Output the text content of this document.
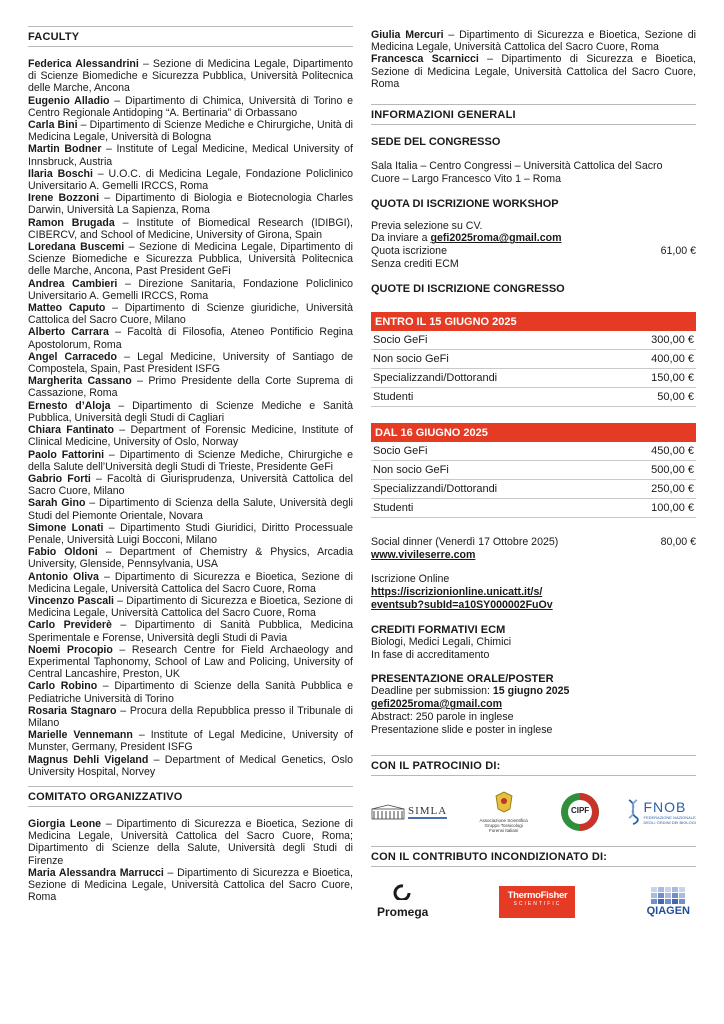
FACULTY
Federica Alessandrini – Sezione di Medicina Legale, Dipartimento di Scienze Biomediche e Sicurezza Pubblica, Università Politecnica delle Marche, Ancona
Eugenio Alladio – Dipartimento di Chimica, Università di Torino e Centro Regionale Antidoping “A. Bertinaria” di Orbassano
Carla Bini – Dipartimento di Scienze Mediche e Chirurgiche, Unità di Medicina Legale, Università di Bologna
Martin Bodner – Institute of Legal Medicine, Medical University of Innsbruck, Austria
Ilaria Boschi – U.O.C. di Medicina Legale, Fondazione Policlinico Universitario A. Gemelli IRCCS, Roma
Irene Bozzoni – Dipartimento di Biologia e Biotecnologia Charles Darwin, Università La Sapienza, Roma
Ramon Brugada – Institute of Biomedical Research (IDIBGI), CIBERCV, and School of Medicine, University of Girona, Spain
Loredana Buscemi – Sezione di Medicina Legale, Dipartimento di Scienze Biomediche e Sicurezza Pubblica, Università Politecnica delle Marche, Ancona, Past President GeFi
Andrea Cambieri – Direzione Sanitaria, Fondazione Policlinico Universitario A. Gemelli IRCCS, Roma
Matteo Caputo – Dipartimento di Scienze giuridiche, Università Cattolica del Sacro Cuore, Milano
Alberto Carrara – Facoltà di Filosofia, Ateneo Pontificio Regina Apostolorum, Roma
Angel Carracedo – Legal Medicine, University of Santiago de Compostela, Spain, Past President ISFG
Margherita Cassano – Primo Presidente della Corte Suprema di Cassazione, Roma
Ernesto d’Aloja – Dipartimento di Scienze Mediche e Sanità Pubblica, Università degli Studi di Cagliari
Chiara Fantinato – Department of Forensic Medicine, Institute of Clinical Medicine, University of Oslo, Norway
Paolo Fattorini – Dipartimento di Scienze Mediche, Chirurgiche e della Salute dell’Università degli Studi di Trieste, Presidente GeFi
Gabrio Forti – Facoltà di Giurisprudenza, Università Cattolica del Sacro Cuore, Milano
Sarah Gino – Dipartimento di Scienza della Salute, Università degli Studi del Piemonte Orientale, Novara
Simone Lonati – Dipartimento Studi Giuridici, Diritto Processuale Penale, Università Luigi Bocconi, Milano
Fabio Oldoni – Department of Chemistry & Physics, Arcadia University, Glenside, Pennsylvania, USA
Antonio Oliva – Dipartimento di Sicurezza e Bioetica, Sezione di Medicina Legale, Università Cattolica del Sacro Cuore, Roma
Vincenzo Pascali – Dipartimento di Sicurezza e Bioetica, Sezione di Medicina Legale, Università Cattolica del Sacro Cuore, Roma
Carlo Previderè – Dipartimento di Sanità Pubblica, Medicina Sperimentale e Forense, Università degli Studi di Pavia
Noemi Procopio – Research Centre for Field Archaeology and Experimental Taphonomy, School of Law and Policing, University of Central Lancashire, Preston, UK
Carlo Robino – Dipartimento di Scienze della Sanità Pubblica e Pediatriche Università di Torino
Rosaria Stagnaro – Procura della Repubblica presso il Tribunale di Milano
Marielle Vennemann – Institute of Legal Medicine, University of Munster, Germany, President ISFG
Magnus Dehli Vigeland – Department of Medical Genetics, Oslo University Hospital, Norvey
COMITATO ORGANIZZATIVO
Giorgia Leone – Dipartimento di Sicurezza e Bioetica, Sezione di Medicina Legale, Università Cattolica del Sacro Cuore, Roma; Dipartimento di Scienze della Salute, Università degli Studi di Firenze
Maria Alessandra Marrucci – Dipartimento di Sicurezza e Bioetica, Sezione di Medicina Legale, Università Cattolica del Sacro Cuore, Roma
Giulia Mercuri – Dipartimento di Sicurezza e Bioetica, Sezione di Medicina Legale, Università Cattolica del Sacro Cuore, Roma
Francesca Scarnicci – Dipartimento di Sicurezza e Bioetica, Sezione di Medicina Legale, Università Cattolica del Sacro Cuore, Roma
INFORMAZIONI GENERALI
SEDE DEL CONGRESSO
Sala Italia – Centro Congressi – Università Cattolica del Sacro Cuore – Largo Francesco Vito 1 – Roma
QUOTA DI ISCRIZIONE WORKSHOP
Previa selezione su CV.
Da inviare a gefi2025roma@gmail.com
Quota iscrizione	61,00 €
Senza crediti ECM
QUOTE DI ISCRIZIONE CONGRESSO
ENTRO IL 15 GIUGNO 2025
Socio GeFi	300,00 €
Non socio GeFi	400,00 €
Specializzandi/Dottorandi	150,00 €
Studenti	50,00 €
DAL 16 GIUGNO 2025
Socio GeFi	450,00 €
Non socio GeFi	500,00 €
Specializzandi/Dottorandi	250,00 €
Studenti	100,00 €
Social dinner (Venerdì 17 Ottobre 2025)	80,00 €
www.vivileserre.com
Iscrizione Online
https://iscrizionionline.unicatt.it/s/
eventsub?subId=a10SY000002FuOv
CREDITI FORMATIVI ECM
Biologi, Medici Legali, Chimici
In fase di accreditamento
PRESENTAZIONE ORALE/POSTER
Deadline per submission: 15 giugno 2025
gefi2025roma@gmail.com
Abstract: 250 parole in inglese
Presentazione slide e poster in inglese
CON IL PATROCINIO DI:
SIMLA
Associazione Scientifica
Gruppo Tossicologi
Forensi Italiani
CIPF	FNOB
FEDERAZIONE NAZIONALE
DEGLI ORDINI DEI BIOLOGI
CON IL CONTRIBUTO INCONDIZIONATO DI:
Promega
ThermoFisher
SCIENTIFIC
QIAGEN
